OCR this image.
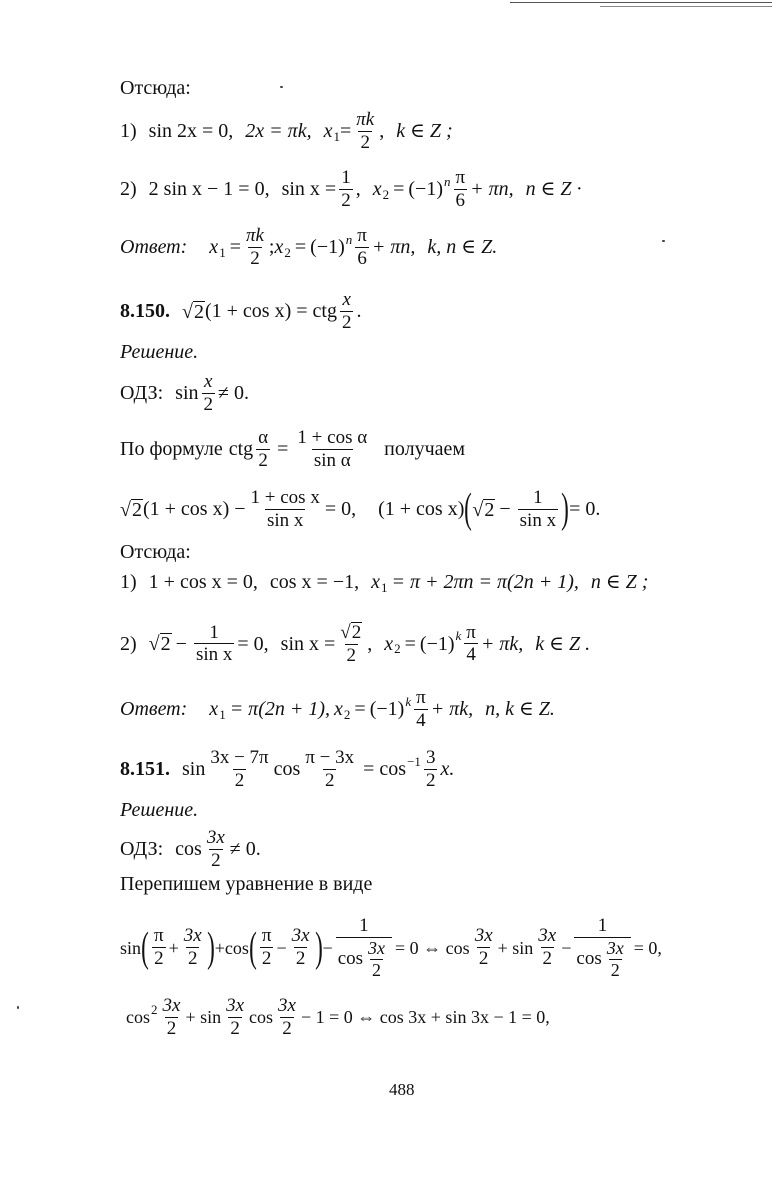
Отсюда:
1) sin 2x = 0, 2x = πk, x $1 = \frac{\pi k}{2}$ , k ∈ Z ;
2) 2 sin x − 1 = 0, $\sin x = \frac{1}{2}$ , x 2 = ( −1 ) n $\frac{\pi}{6} + \pi n$, n ∈ Z ·
Ответ: x $1 = \frac{\pi k}{2}$ ; x 2 = ( −1 ) n $\frac{\pi}{6} + \pi n$, k, n ∈ Z.
8.150. √ 2 (1 + cos x) = ctg $\frac{x}{2}$ .
Решение.
ОДЗ: $\sin \frac{x}{2} \ne 0$.
По формуле ctg $\frac{\alpha}{2} = \frac{\text{1 + cos α}}{\text{sin α}}$ получаем
√ 2 $(1 + \cos x) - \frac{\text{1 + cos x}}{\text{sin x}} = 0$, (1 + cos x) ( √ $2 - \frac{1}{\text{sin x}}$ ) = 0.
Отсюда:
1) 1 + cos x = 0, cos x = −1, x 1 = π + 2πn = π(2n + 1), n ∈ Z ;
2) √ $2 - \frac{1}{\text{sin x}} = 0$, $\sin x = \frac{√ 2}{2}$ , x 2 = ( −1 ) k $\frac{\pi}{4} + \pi k$, k ∈ Z .
Ответ: x 1 = π(2n + 1), x 2 = ( −1 ) k $\frac{\pi}{4} + \pi k$, n, k ∈ Z.
8.151. $\sin \frac{3x - 7\pi}{2}$ $\cos \frac{\pi - 3x}{2} = \cos -1 \frac{3}{2} x$.
Решение.
ОДЗ: $\cos \frac{3x}{2} \ne 0$.
Перепишем уравнение в виде
sin ( $\frac{\pi}{2} + \frac{3x}{2}$ ) + cos ( $\frac{\pi}{2} - \frac{3x}{2}$ ) − $\frac{1}{\cos \frac{3x}{2}} = 0$ ⇔ $\cos \frac{3x}{2} + \sin \frac{3x}{2} - \frac{1}{\cos \frac{3x}{2}} = 0$,
$\cos 2 \frac{3x}{2} + \sin \frac{3x}{2}$ $\cos \frac{3x}{2} - 1 = 0$ ⇔ cos 3x + sin 3x − 1 = 0,
488
